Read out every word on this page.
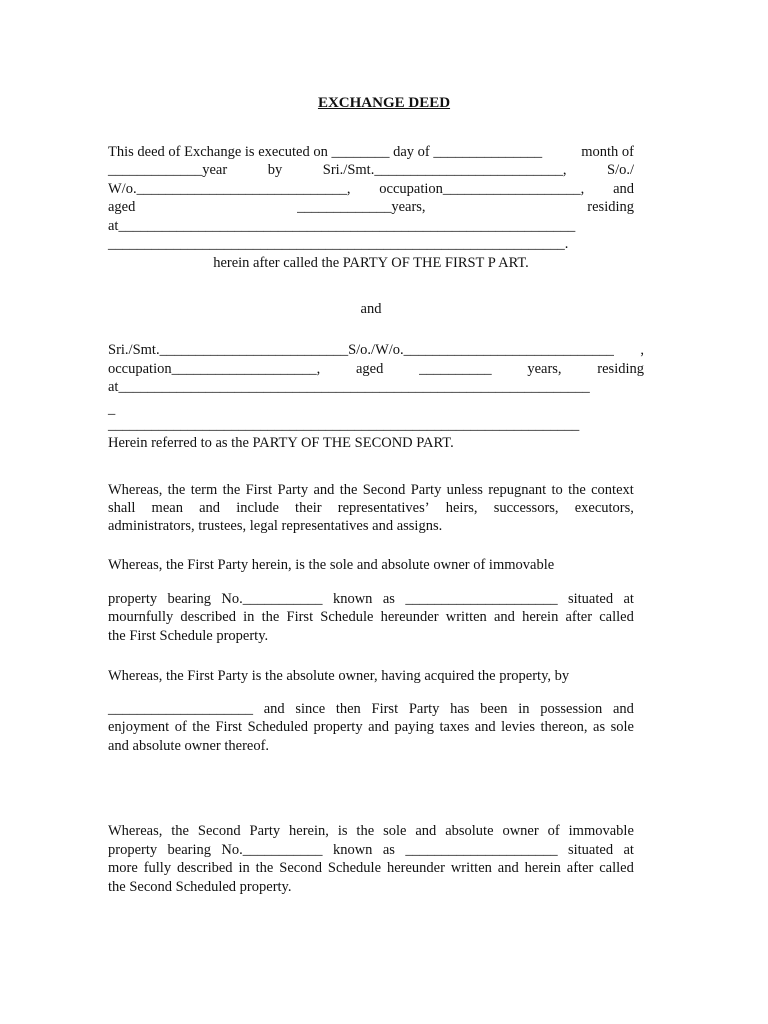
EXCHANGE DEED
This deed of Exchange is executed on ________ day of _______________	month of
_____________year	by	Sri./Smt.__________________________,	S/o./
W/o._____________________________, occupation___________________, and
aged	_____________years,	residing
at_______________________________________________________________
_______________________________________________________________.
herein after called the PARTY OF THE FIRST P ART.
and
Sri./Smt.__________________________S/o./W/o._____________________________ ,
occupation____________________, aged __________ years, residing
at_________________________________________________________________
_
_________________________________________________________________
Herein referred to as the PARTY OF THE SECOND PART.
Whereas, the term the First Party and the Second Party unless repugnant to the context
shall mean and include their representatives’ heirs, successors, executors,
administrators, trustees, legal representatives and assigns.
Whereas, the First Party herein, is the sole and absolute owner of immovable
property bearing No.___________ known as _____________________ situated at
mournfully described in the First Schedule hereunder written and herein after called
the First Schedule property.
Whereas, the First Party is the absolute owner, having acquired the property, by
____________________ and since then First Party has been in possession and
enjoyment of the First Scheduled property and paying taxes and levies thereon, as sole
and absolute owner thereof.
Whereas, the Second Party herein, is the sole and absolute owner of immovable
property bearing No.___________ known as _____________________ situated at
more fully described in the Second Schedule hereunder written and herein after called
the Second Scheduled property.
